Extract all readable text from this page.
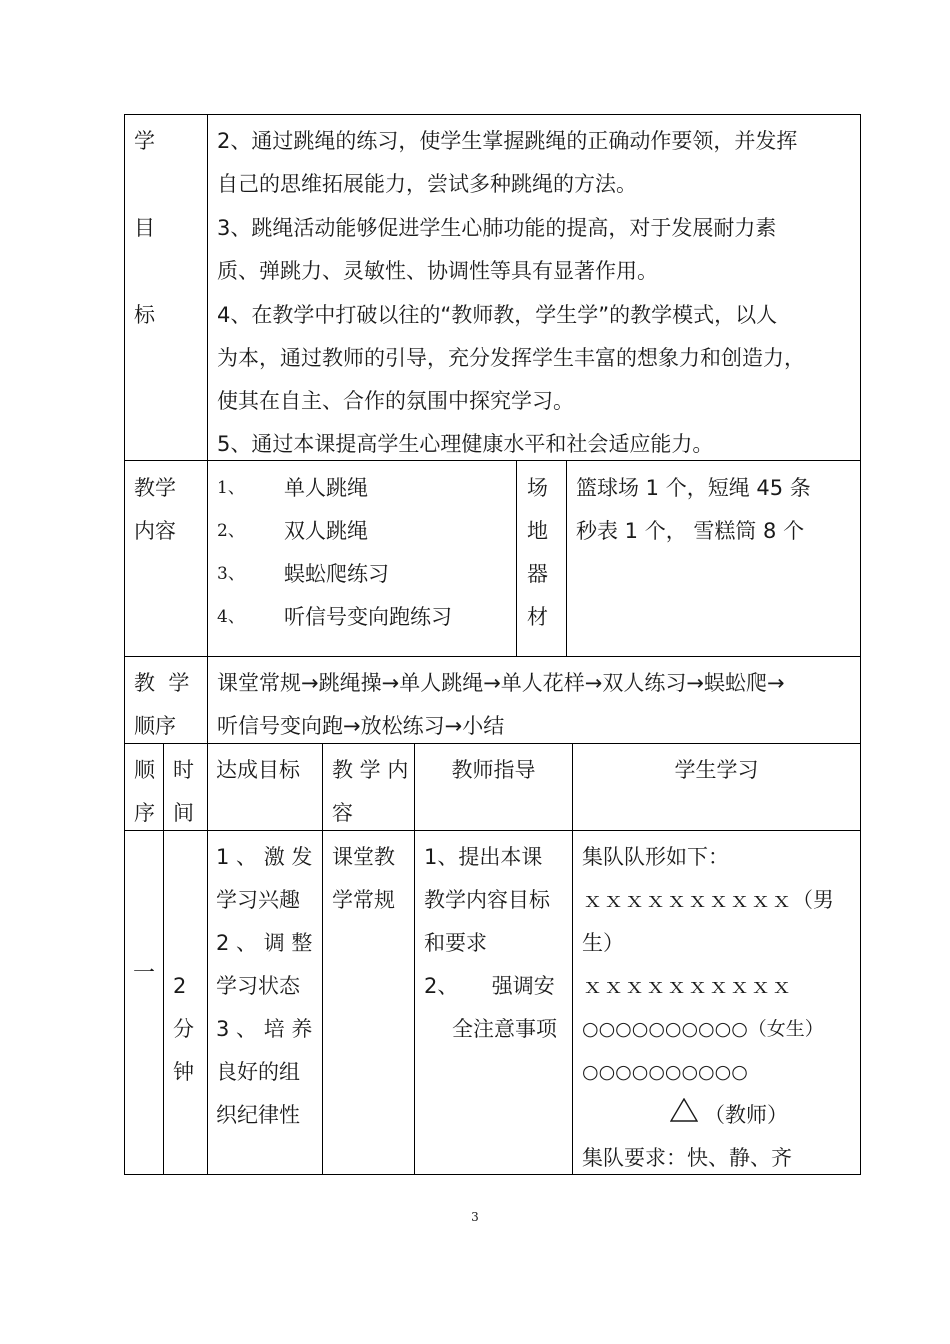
学
目
标
2、通过跳绳的练习，使学生掌握跳绳的正确动作要领，并发挥
自己的思维拓展能力，尝试多种跳绳的方法。
3、跳绳活动能够促进学生心肺功能的提高，对于发展耐力素
质、弹跳力、灵敏性、协调性等具有显著作用。
4、在教学中打破以往的“教师教，学生学”的教学模式，以人
为本，通过教师的引导，充分发挥学生丰富的想象力和创造力，
使其在自主、合作的氛围中探究学习。
5、通过本课提高学生心理健康水平和社会适应能力。
教学
内容
1、 单人跳绳
2、 双人跳绳
3、 蜈蚣爬练习
4、 听信号变向跑练习
场
地
器
材
篮球场 1 个，短绳 45 条
秒表 1 个， 雪糕筒 8 个
教  学
顺序
课堂常规→跳绳操→单人跳绳→单人花样→双人练习→蜈蚣爬→
听信号变向跑→放松练习→小结
顺
序
时
间
达成目标 教 学 内
容
教师指导	学生学习
一 2
分
钟
1 、 激 发
学习兴趣
2 、 调 整
学习状态
3 、 培 养
良好的组
织纪律性
课堂教
学常规
1、提出本课
教学内容目标
和要求
2、     强调安
全注意事项
集队队形如下：
ｘｘｘｘｘｘｘｘｘｘ（男
生）
ｘｘｘｘｘｘｘｘｘｘ
○○○○○○○○○○（女生）
○○○○○○○○○○
（教师）
集队要求：快、静、齐
3
